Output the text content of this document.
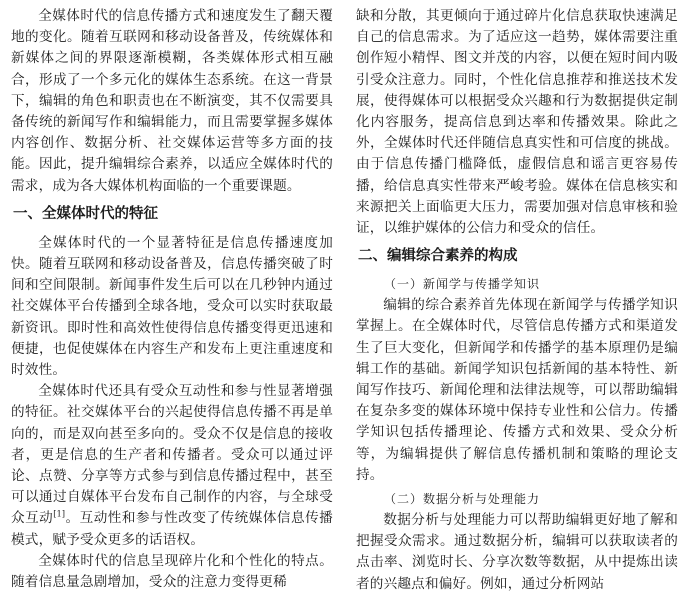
全媒体时代的信息传播方式和速度发生了翻天覆地的变化。随着互联网和移动设备普及，传统媒体和新媒体之间的界限逐渐模糊，各类媒体形式相互融合，形成了一个多元化的媒体生态系统。在这一背景下，编辑的角色和职责也在不断演变，其不仅需要具备传统的新闻写作和编辑能力，而且需要掌握多媒体内容创作、数据分析、社交媒体运营等多方面的技能。因此，提升编辑综合素养，以适应全媒体时代的需求，成为各大媒体机构面临的一个重要课题。

一、全媒体时代的特征

全媒体时代的一个显著特征是信息传播速度加快。随着互联网和移动设备普及，信息传播突破了时间和空间限制。新闻事件发生后可以在几秒钟内通过社交媒体平台传播到全球各地，受众可以实时获取最新资讯。即时性和高效性使得信息传播变得更迅速和便捷，也促使媒体在内容生产和发布上更注重速度和时效性。

全媒体时代还具有受众互动性和参与性显著增强的特征。社交媒体平台的兴起使得信息传播不再是单向的，而是双向甚至多向的。受众不仅是信息的接收者，更是信息的生产者和传播者。受众可以通过评论、点赞、分享等方式参与到信息传播过程中，甚至可以通过自媒体平台发布自己制作的内容，与全球受众互动[1]。互动性和参与性改变了传统媒体信息传播模式，赋予受众更多的话语权。

全媒体时代的信息呈现碎片化和个性化的特点。随着信息量急剧增加，受众的注意力变得更稀

缺和分散，其更倾向于通过碎片化信息获取快速满足自己的信息需求。为了适应这一趋势，媒体需要注重创作短小精悍、图文并茂的内容，以便在短时间内吸引受众注意力。同时，个性化信息推荐和推送技术发展，使得媒体可以根据受众兴趣和行为数据提供定制化内容服务，提高信息到达率和传播效果。除此之外，全媒体时代还伴随信息真实性和可信度的挑战。由于信息传播门槛降低，虚假信息和谣言更容易传播，给信息真实性带来严峻考验。媒体在信息核实和来源把关上面临更大压力，需要加强对信息审核和验证，以维护媒体的公信力和受众的信任。

二、编辑综合素养的构成
（一）新闻学与传播学知识

编辑的综合素养首先体现在新闻学与传播学知识掌握上。在全媒体时代，尽管信息传播方式和渠道发生了巨大变化，但新闻学和传播学的基本原理仍是编辑工作的基础。新闻学知识包括新闻的基本特性、新闻写作技巧、新闻伦理和法律法规等，可以帮助编辑在复杂多变的媒体环境中保持专业性和公信力。传播学知识包括传播理论、传播方式和效果、受众分析等，为编辑提供了解信息传播机制和策略的理论支持。

（二）数据分析与处理能力

数据分析与处理能力可以帮助编辑更好地了解和把握受众需求。通过数据分析，编辑可以获取读者的点击率、浏览时长、分享次数等数据，从中提炼出读者的兴趣点和偏好。例如，通过分析网站
